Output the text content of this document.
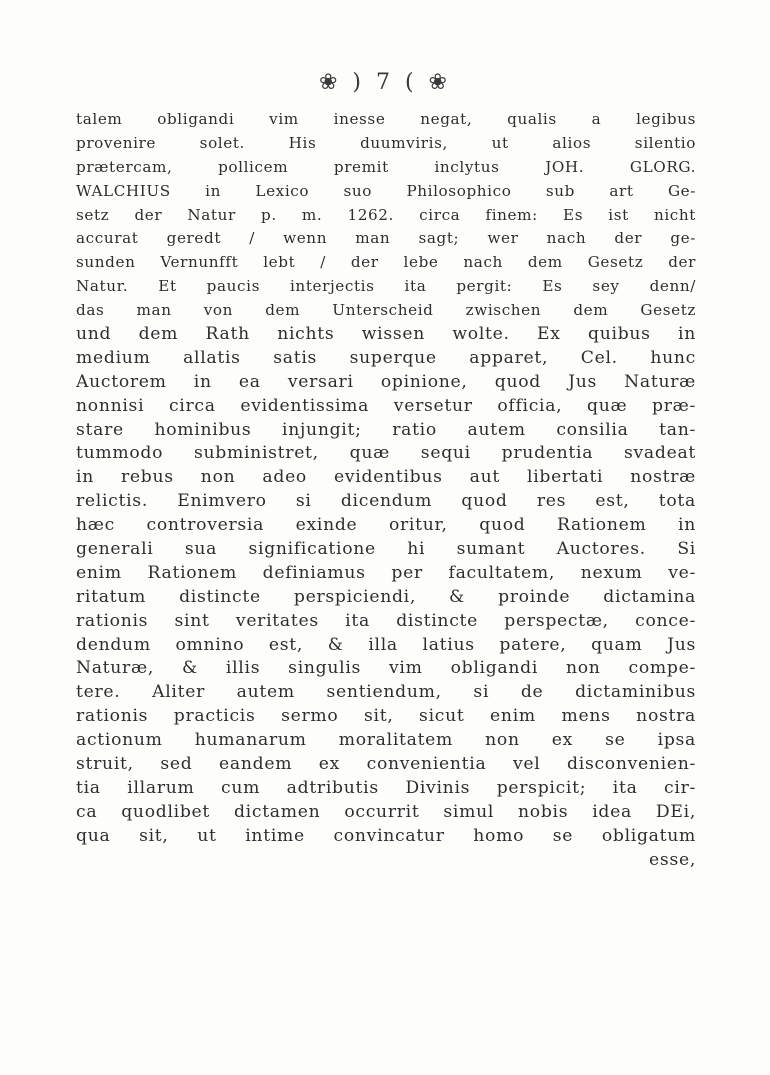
❀ ) 7 ( ❀
talem obligandi vim inesse negat, qualis a legibus
provenire solet. His duumviris, ut alios silentio
prætercam, pollicem premit inclytus JOH. GLORG.
WALCHIUS in Lexico suo Philosophico sub art Ge-
setz der Natur p. m. 1262. circa finem: Es ist nicht
accurat geredt / wenn man sagt; wer nach der ge-
sunden Vernunfft lebt / der lebe nach dem Gesetz der
Natur. Et paucis interjectis ita pergit: Es sey denn/
das man von dem Unterscheid zwischen dem Gesetz
und dem Rath nichts wissen wolte. Ex quibus in
medium allatis satis superque apparet, Cel. hunc
Auctorem in ea versari opinione, quod Jus Naturæ
nonnisi circa evidentissima versetur officia, quæ præ-
stare hominibus injungit; ratio autem consilia tan-
tummodo subministret, quæ sequi prudentia svadeat
in rebus non adeo evidentibus aut libertati nostræ
relictis. Enimvero si dicendum quod res est, tota
hæc controversia exinde oritur, quod Rationem in
generali sua significatione hi sumant Auctores. Si
enim Rationem definiamus per facultatem, nexum ve-
ritatum distincte perspiciendi, & proinde dictamina
rationis sint veritates ita distincte perspectæ, conce-
dendum omnino est, & illa latius patere, quam Jus
Naturæ, & illis singulis vim obligandi non compe-
tere. Aliter autem sentiendum, si de dictaminibus
rationis practicis sermo sit, sicut enim mens nostra
actionum humanarum moralitatem non ex se ipsa
struit, sed eandem ex convenientia vel disconvenien-
tia illarum cum adtributis Divinis perspicit; ita cir-
ca quodlibet dictamen occurrit simul nobis idea DEi,
qua sit, ut intime convincatur homo se obligatum
esse,
